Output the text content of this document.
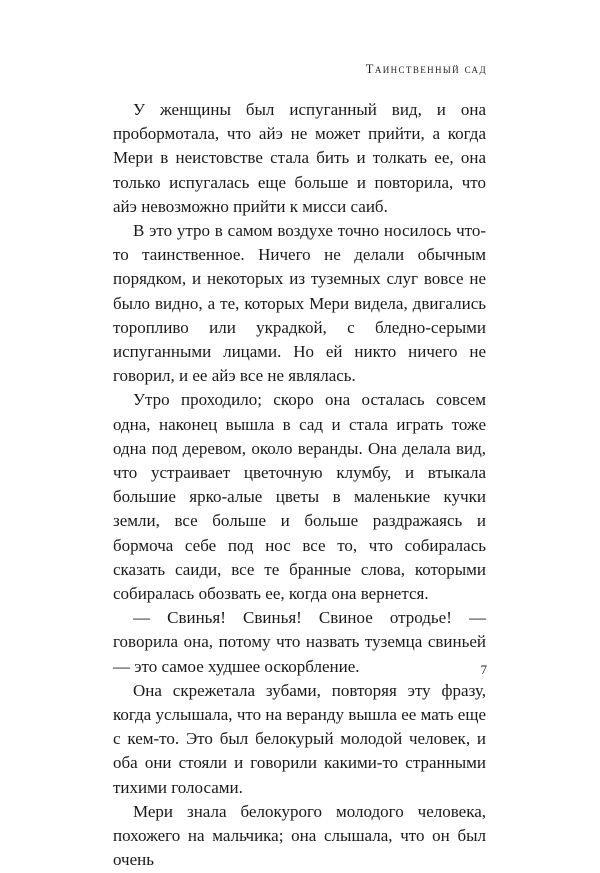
Таинственный сад

У женщины был испуганный вид, и она пробормотала, что айэ не может прийти, а когда Мери в неистовстве стала бить и толкать ее, она только испугалась еще больше и повторила, что айэ невозможно прийти к мисси саиб.

В это утро в самом воздухе точно носилось что-то таинственное. Ничего не делали обычным порядком, и некоторых из туземных слуг вовсе не было видно, а те, которых Мери видела, двигались торопливо или украдкой, с бледно-серыми испуганными лицами. Но ей никто ничего не говорил, и ее айэ все не являлась.

Утро проходило; скоро она осталась совсем одна, наконец вышла в сад и стала играть тоже одна под деревом, около веранды. Она делала вид, что устраивает цветочную клумбу, и втыкала большие ярко-алые цветы в маленькие кучки земли, все больше и больше раздражаясь и бормоча себе под нос все то, что собиралась сказать саиди, все те бранные слова, которыми собиралась обозвать ее, когда она вернется.

— Свинья! Свинья! Свиное отродье! — говорила она, потому что назвать туземца свиньей — это самое худшее оскорбление.

Она скрежетала зубами, повторяя эту фразу, когда услышала, что на веранду вышла ее мать еще с кем-то. Это был белокурый молодой человек, и оба они стояли и говорили какими-то странными тихими голосами.

Мери знала белокурого молодого человека, похожего на мальчика; она слышала, что он был очень

7
